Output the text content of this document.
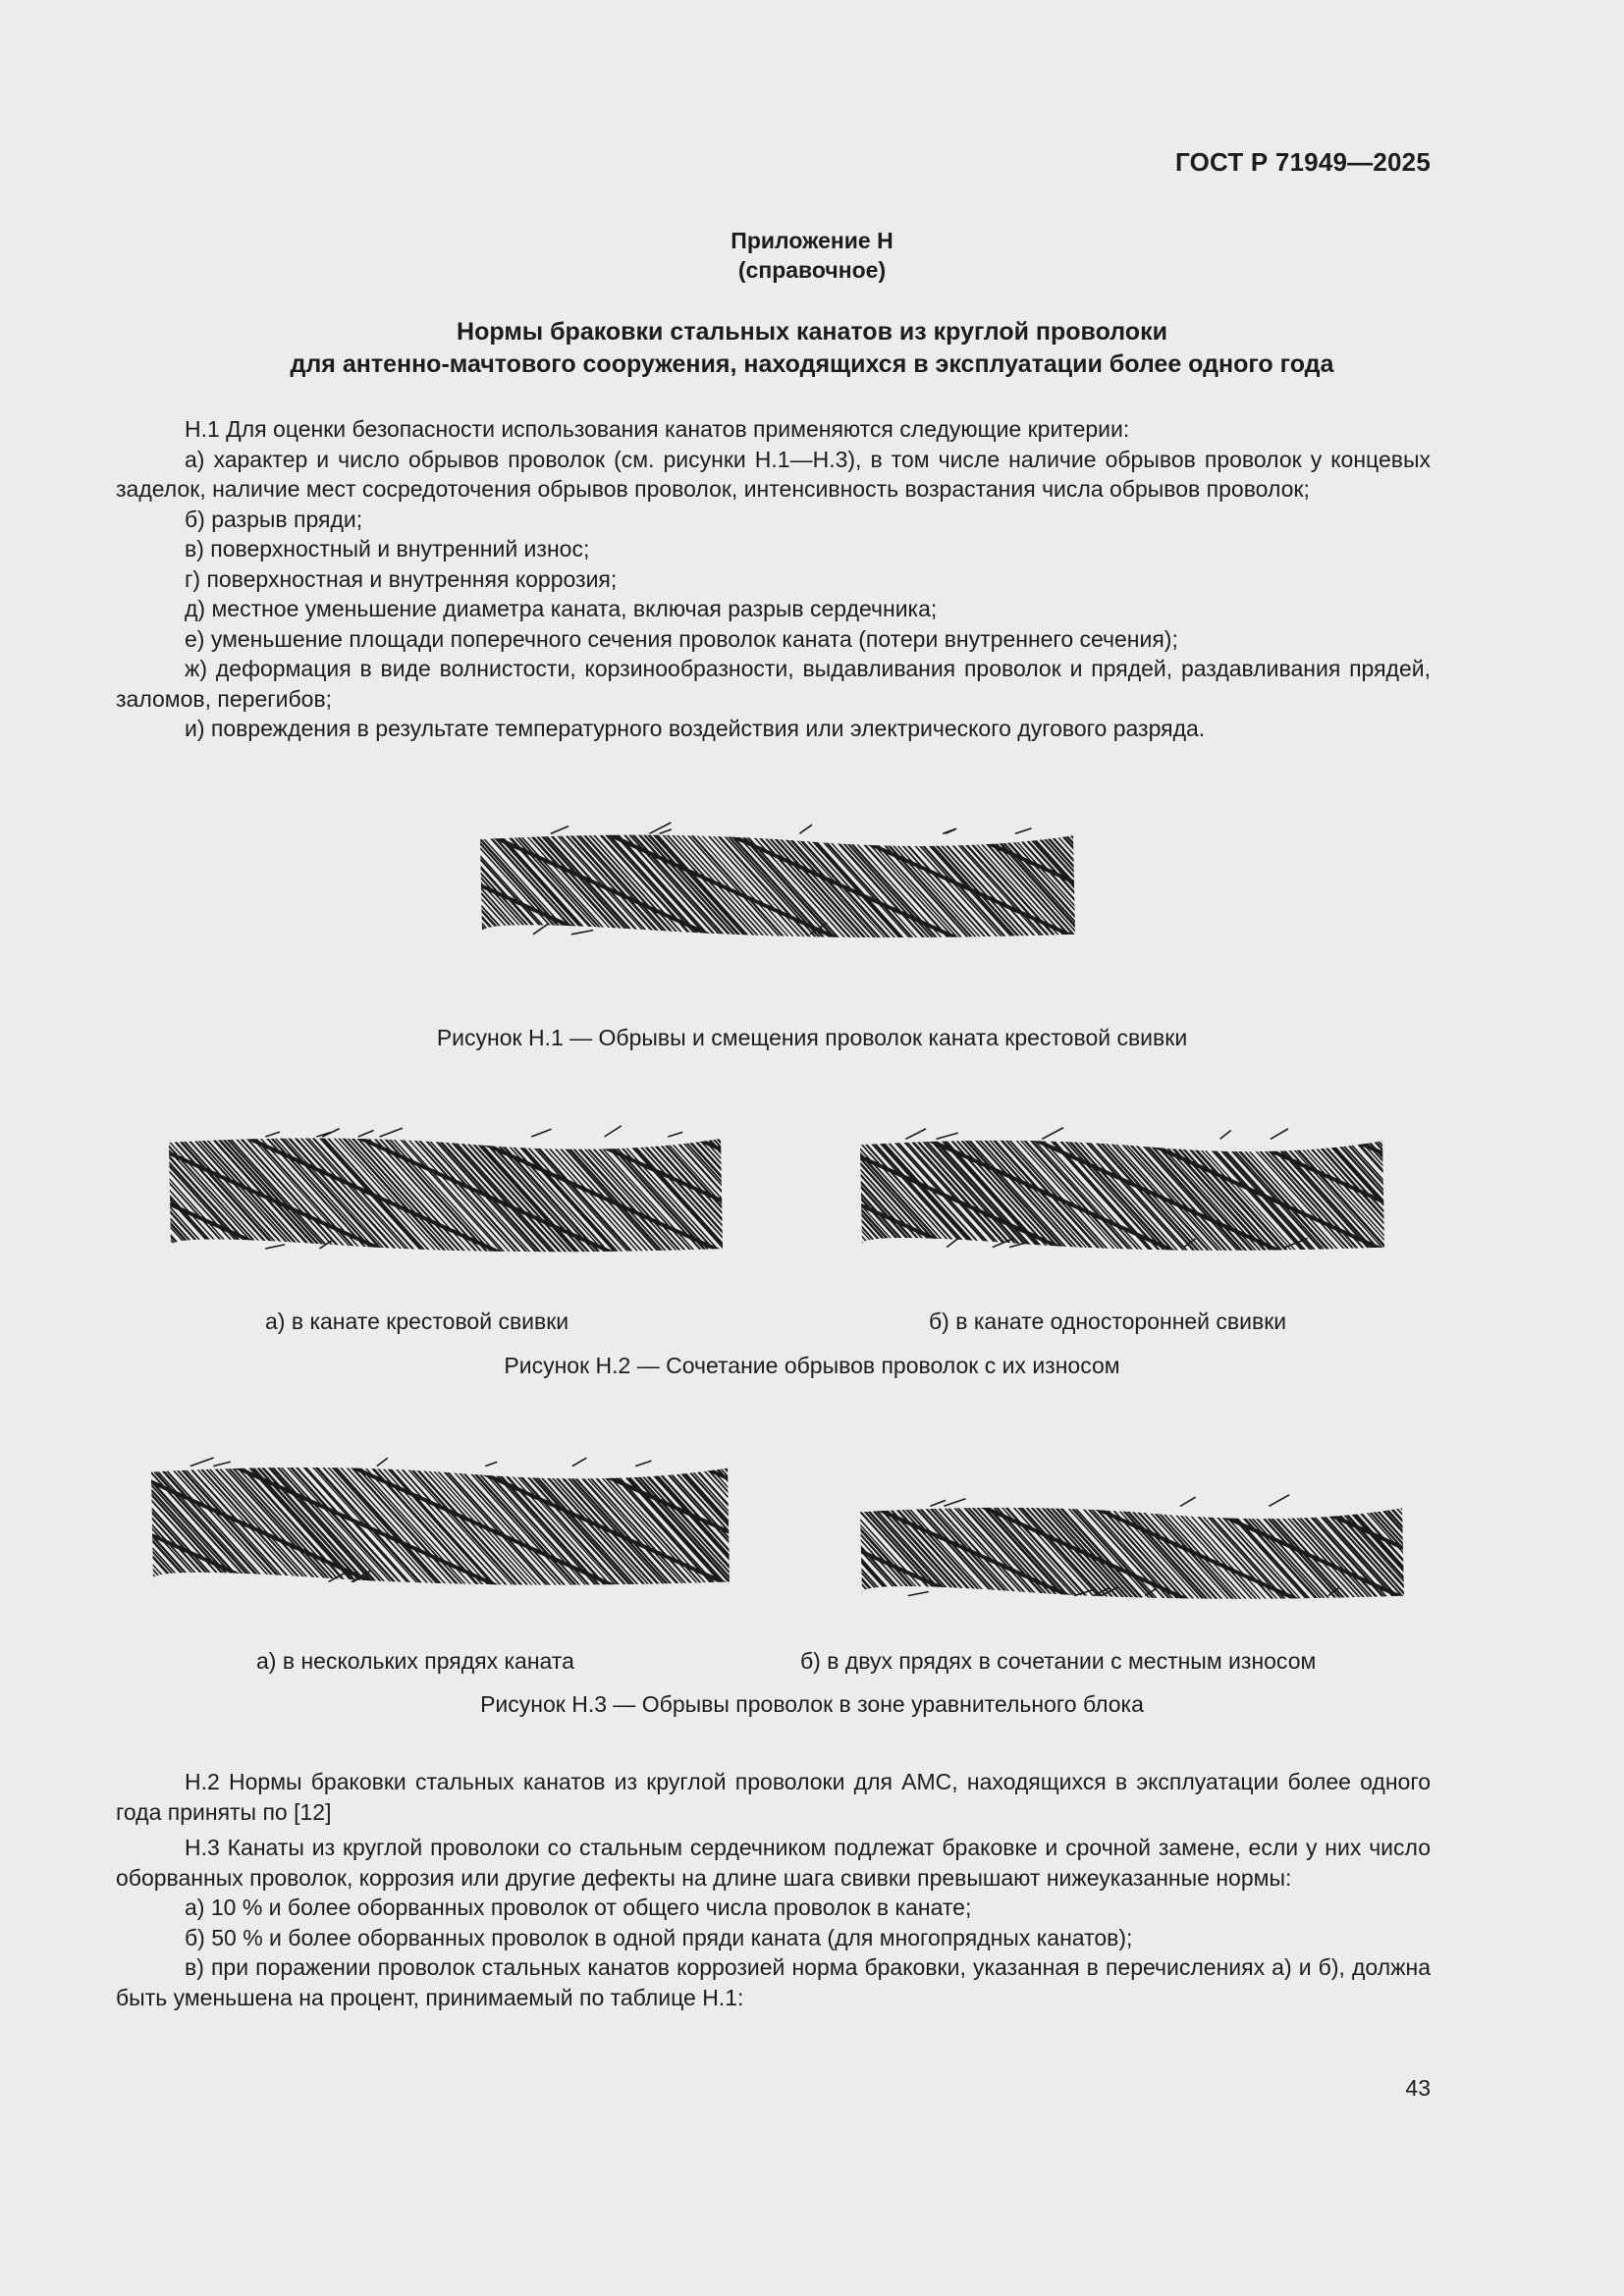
ГОСТ Р 71949—2025
Приложение Н
(справочное)
Нормы браковки стальных канатов из круглой проволоки
для антенно-мачтового сооружения, находящихся в эксплуатации более одного года

Н.1 Для оценки безопасности использования канатов применяются следующие критерии:

а) характер и число обрывов проволок (см. рисунки Н.1—Н.3), в том числе наличие обрывов проволок у концевых заделок, наличие мест сосредоточения обрывов проволок, интенсивность возрастания числа обрывов проволок;

б) разрыв пряди;

в) поверхностный и внутренний износ;

г) поверхностная и внутренняя коррозия;

д) местное уменьшение диаметра каната, включая разрыв сердечника;

е) уменьшение площади поперечного сечения проволок каната (потери внутреннего сечения);

ж) деформация в виде волнистости, корзинообразности, выдавливания проволок и прядей, раздавливания прядей, заломов, перегибов;

и) повреждения в результате температурного воздействия или электрического дугового разряда.

Рисунок Н.1 — Обрывы и смещения проволок каната крестовой свивки
а) в канате крестовой свивки	б) в канате односторонней свивки
Рисунок Н.2 — Сочетание обрывов проволок с их износом
а) в нескольких прядях каната	б) в двух прядях в сочетании с местным износом
Рисунок Н.3 — Обрывы проволок в зоне уравнительного блока

Н.2 Нормы браковки стальных канатов из круглой проволоки для АМС, находящихся в эксплуатации более одного года приняты по [12]

Н.3 Канаты из круглой проволоки со стальным сердечником подлежат браковке и срочной замене, если у них число оборванных проволок, коррозия или другие дефекты на длине шага свивки превышают нижеуказанные нормы:

а) 10 % и более оборванных проволок от общего числа проволок в канате;

б) 50 % и более оборванных проволок в одной пряди каната (для многопрядных канатов);

в) при поражении проволок стальных канатов коррозией норма браковки, указанная в перечислениях а) и б), должна быть уменьшена на процент, принимаемый по таблице Н.1:

43
